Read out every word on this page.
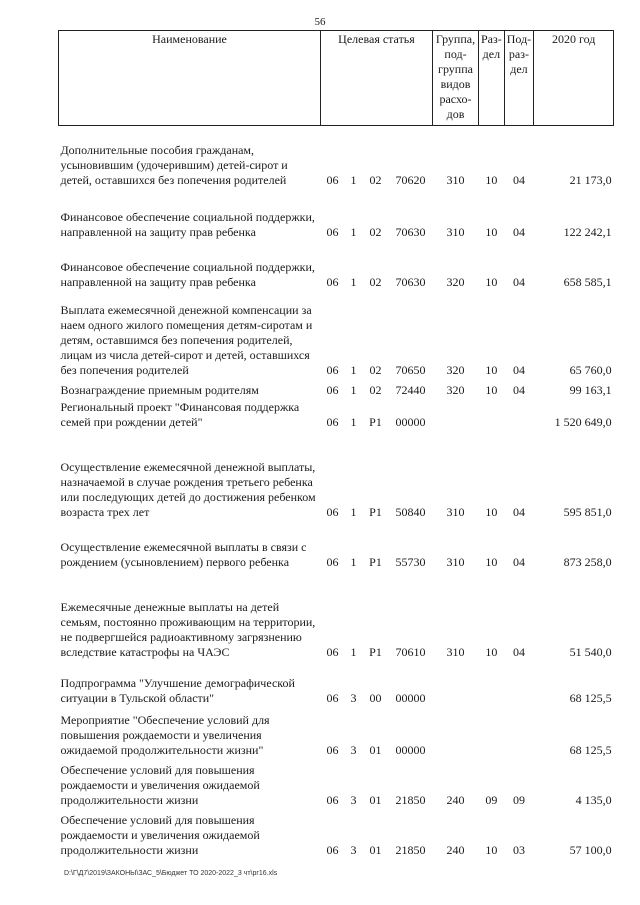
56
Наименование	Целевая статья				Группа, под-группа видов расхо-дов	Раз-дел	Под-раз-дел	2020 год
Дополнительные пособия гражданам, усыновившим (удочерившим) детей-сирот и детей, оставшихся без попечения родителей	06	1	02	70620	310	10	04	21 173,0
Финансовое обеспечение социальной поддержки, направленной на защиту прав ребенка	06	1	02	70630	310	10	04	122 242,1
Финансовое обеспечение социальной поддержки, направленной на защиту прав ребенка	06	1	02	70630	320	10	04	658 585,1
Выплата ежемесячной денежной компенсации за наем одного жилого помещения детям-сиротам и детям, оставшимся без попечения родителей, лицам из числа детей-сирот и детей, оставшихся без попечения родителей	06	1	02	70650	320	10	04	65 760,0
Вознаграждение приемным родителям	06	1	02	72440	320	10	04	99 163,1
Региональный проект "Финансовая поддержка семей при рождении детей"	06	1	P1	00000				1 520 649,0
Осуществление ежемесячной денежной выплаты, назначаемой в случае рождения третьего ребенка или последующих детей до достижения ребенком возраста трех лет	06	1	P1	50840	310	10	04	595 851,0
Осуществление ежемесячной выплаты в связи с рождением (усыновлением) первого ребенка	06	1	P1	55730	310	10	04	873 258,0
Ежемесячные денежные выплаты на детей семьям, постоянно проживающим на территории, не подвергшейся радиоактивному загрязнению вследствие катастрофы на ЧАЭС	06	1	P1	70610	310	10	04	51 540,0
Подпрограмма "Улучшение демографической ситуации в Тульской области"	06	3	00	00000				68 125,5
Мероприятие "Обеспечение условий для повышения рождаемости и увеличения ожидаемой продолжительности жизни"	06	3	01	00000				68 125,5
Обеспечение условий для повышения рождаемости и увеличения ожидаемой продолжительности жизни	06	3	01	21850	240	09	09	4 135,0
Обеспечение условий для повышения рождаемости и увеличения ожидаемой продолжительности жизни	06	3	01	21850	240	10	03	57 100,0
D:\Г\Д7\2019\ЗАКОНЫ\ЗАС_5\Бюджет ТО 2020-2022_3 чт\рг16.xls
